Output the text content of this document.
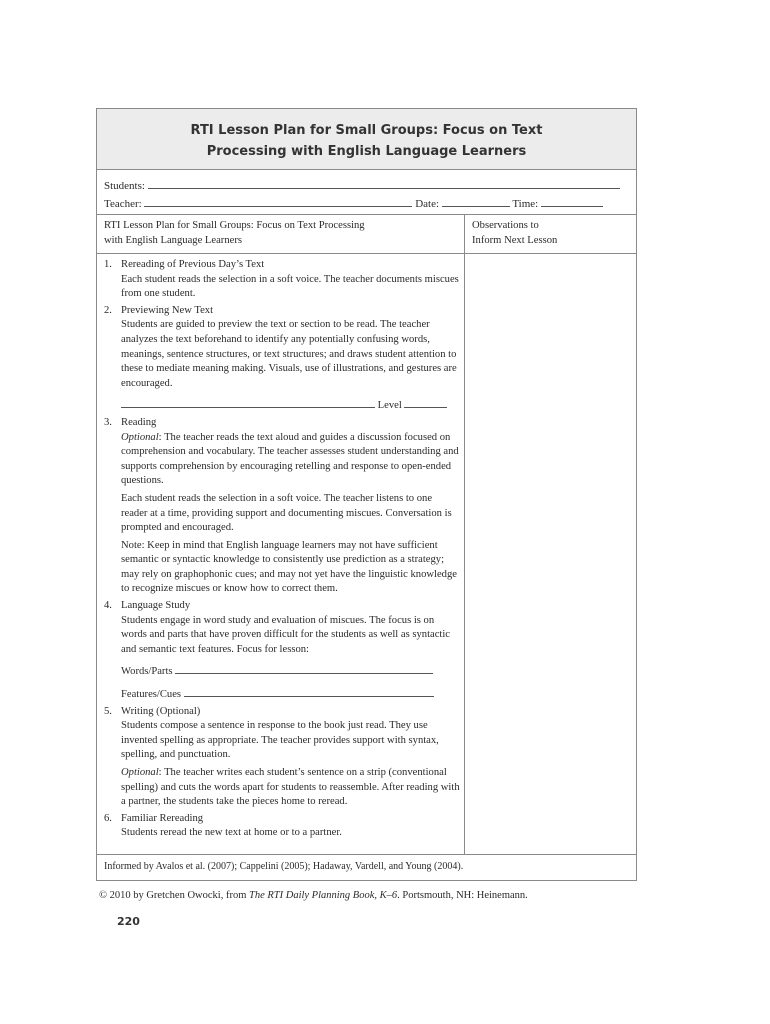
RTI Lesson Plan for Small Groups: Focus on Text
Processing with English Language Learners
Students:
Teacher:	Date:	Time:
RTI Lesson Plan for Small Groups: Focus on Text Processing
with English Language Learners
Observations to
Inform Next Lesson
1. Rereading of Previous Day’s Text
Each student reads the selection in a soft voice. The teacher documents miscues from one student.
2. Previewing New Text
Students are guided to preview the text or section to be read. The teacher analyzes the text beforehand to identify any potentially confusing words, meanings, sentence structures, or text structures; and draws student attention to these to mediate meaning making. Visuals, use of illustrations, and gestures are encouraged.
Level
3. Reading
Optional: The teacher reads the text aloud and guides a discussion focused on comprehension and vocabulary. The teacher assesses student understanding and supports comprehension by encouraging retelling and response to open-ended questions.
Each student reads the selection in a soft voice. The teacher listens to one reader at a time, providing support and documenting miscues. Conversation is prompted and encouraged.
Note: Keep in mind that English language learners may not have sufficient semantic or syntactic knowledge to consistently use prediction as a strategy; may rely on graphophonic cues; and may not yet have the linguistic knowledge to recognize miscues or know how to correct them.
4. Language Study
Students engage in word study and evaluation of miscues. The focus is on words and parts that have proven difficult for the students as well as syntactic and semantic text features. Focus for lesson:
Words/Parts
Features/Cues
5. Writing (Optional)
Students compose a sentence in response to the book just read. They use invented spelling as appropriate. The teacher provides support with syntax, spelling, and punctuation.
Optional: The teacher writes each student’s sentence on a strip (conventional spelling) and cuts the words apart for students to reassemble. After reading with a partner, the students take the pieces home to reread.
6. Familiar Rereading
Students reread the new text at home or to a partner.
Informed by Avalos et al. (2007); Cappelini (2005); Hadaway, Vardell, and Young (2004).
© 2010 by Gretchen Owocki, from The RTI Daily Planning Book, K–6. Portsmouth, NH: Heinemann.
220
